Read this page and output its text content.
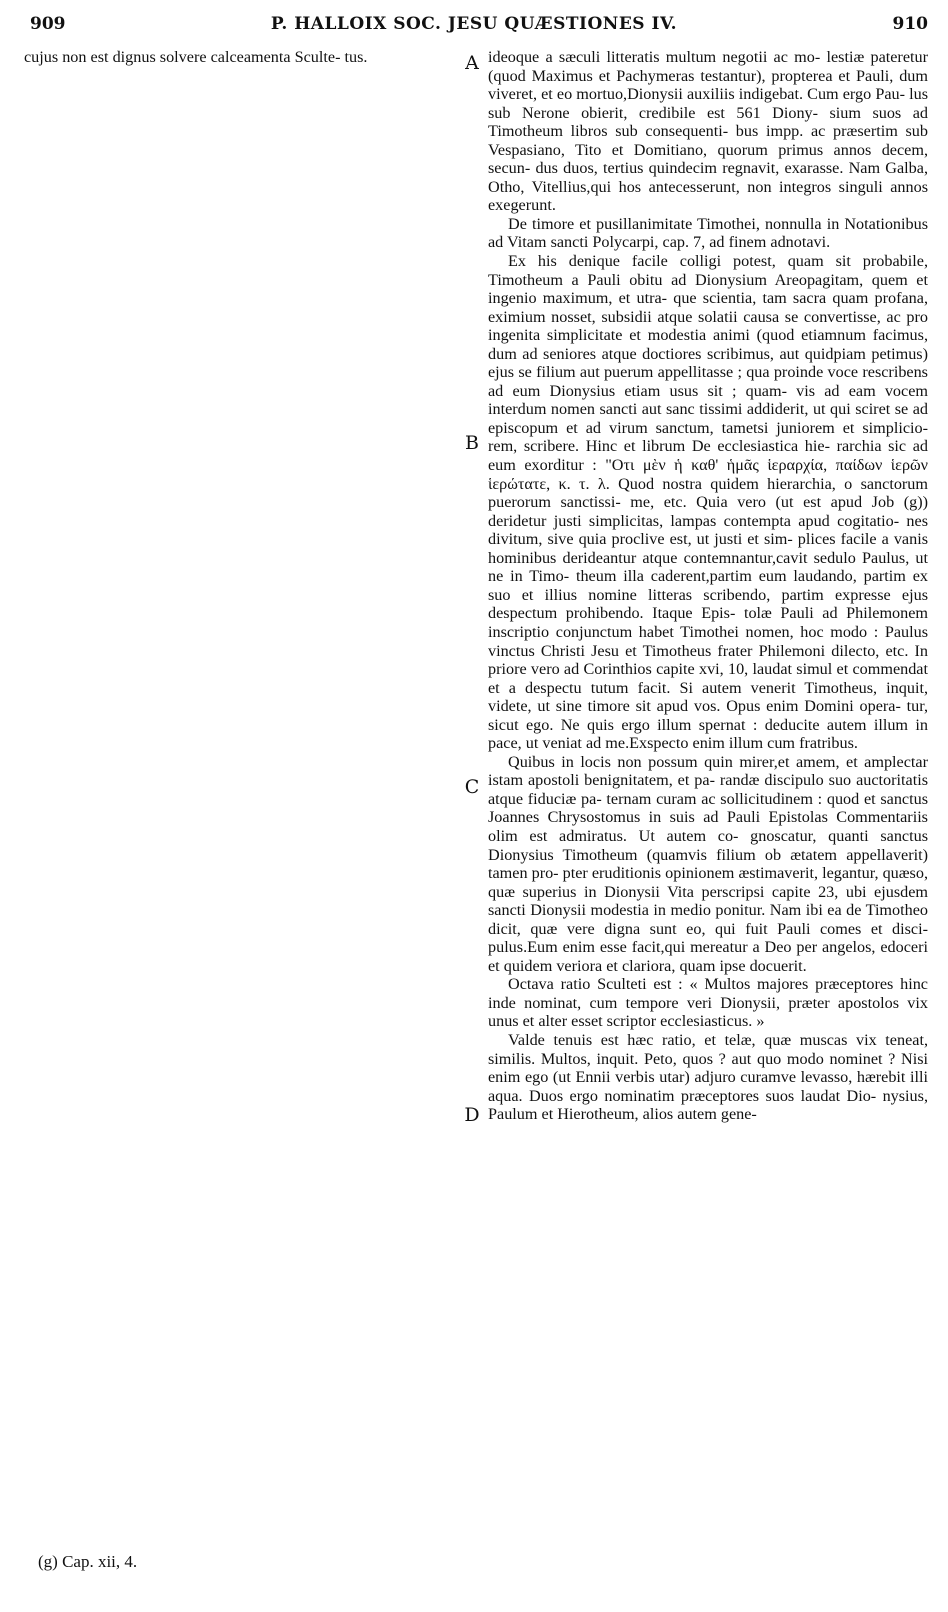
909	P. HALLOIX SOC. JESU QUÆSTIONES IV.	910

cujus non est dignus solvere calceamenta Sculte- tus.	ideoque a sæculi litteratis multum negotii ac mo- lestiæ pateretur (quod Maximus et Pachymeras testantur), propterea et Pauli, dum viveret, et eo mortuo,Dionysii auxiliis indigebat. Cum ergo Pau- lus sub Nerone obierit, credibile est 561 Diony- sium suos ad Timotheum libros sub consequenti- bus impp. ac præsertim sub Vespasiano, Tito et Domitiano, quorum primus annos decem, secun- dus duos, tertius quindecim regnavit, exarasse. Nam Galba, Otho, Vitellius,qui hos antecesserunt, non integros singuli annos exegerunt.

De timore et pusillanimitate Timothei, nonnulla in Notationibus ad Vitam sancti Polycarpi, cap. 7, ad finem adnotavi.

Ex his denique facile colligi potest, quam sit probabile, Timotheum a Pauli obitu ad Dionysium Areopagitam, quem et ingenio maximum, et utra- que scientia, tam sacra quam profana, eximium nosset, subsidii atque solatii causa se convertisse, ac pro ingenita simplicitate et modestia animi (quod etiamnum facimus, dum ad seniores atque doctiores scribimus, aut quidpiam petimus) ejus se filium aut puerum appellitasse ; qua proinde voce rescribens ad eum Dionysius etiam usus sit ; quam- vis ad eam vocem interdum nomen sancti aut sanc tissimi addiderit, ut qui sciret se ad episcopum et ad virum sanctum, tametsi juniorem et simplicio- rem, scribere. Hinc et librum De ecclesiastica hie- rarchia sic ad eum exorditur : "Οτι μὲν ἡ καθ' ἡμᾶς ἱεραρχία, παίδων ἱερῶν ἱερώτατε, κ. τ. λ. Quod nostra quidem hierarchia, o sanctorum puerorum sanctissi- me, etc. Quia vero (ut est apud Job (g)) deridetur justi simplicitas, lampas contempta apud cogitatio- nes divitum, sive quia proclive est, ut justi et sim- plices facile a vanis hominibus derideantur atque contemnantur,cavit sedulo Paulus, ut ne in Timo- theum illa caderent,partim eum laudando, partim ex suo et illius nomine litteras scribendo, partim expresse ejus despectum prohibendo. Itaque Epis- tolæ Pauli ad Philemonem inscriptio conjunctum habet Timothei nomen, hoc modo : Paulus vinctus Christi Jesu et Timotheus frater Philemoni dilecto, etc. In priore vero ad Corinthios capite xvi, 10, laudat simul et commendat et a despectu tutum facit. Si autem venerit Timotheus, inquit, videte, ut sine timore sit apud vos. Opus enim Domini opera- tur, sicut ego. Ne quis ergo illum spernat : deducite autem illum in pace, ut veniat ad me.Exspecto enim illum cum fratribus.

Quibus in locis non possum quin mirer,et amem, et amplectar istam apostoli benignitatem, et pa- randæ discipulo suo auctoritatis atque fiduciæ pa- ternam curam ac sollicitudinem : quod et sanctus Joannes Chrysostomus in suis ad Pauli Epistolas Commentariis olim est admiratus. Ut autem co- gnoscatur, quanti sanctus Dionysius Timotheum (quamvis filium ob ætatem appellaverit) tamen pro- pter eruditionis opinionem æstimaverit, legantur, quæso, quæ superius in Dionysii Vita perscripsi capite 23, ubi ejusdem sancti Dionysii modestia in medio ponitur. Nam ibi ea de Timotheo dicit, quæ vere digna sunt eo, qui fuit Pauli comes et disci- pulus.Eum enim esse facit,qui mereatur a Deo per angelos, edoceri et quidem veriora et clariora, quam ipse docuerit.

Octava ratio Sculteti est : « Multos majores præceptores hinc inde nominat, cum tempore veri Dionysii, præter apostolos vix unus et alter esset scriptor ecclesiasticus. »

Valde tenuis est hæc ratio, et telæ, quæ muscas vix teneat, similis. Multos, inquit. Peto, quos ? aut quo modo nominet ? Nisi enim ego (ut Ennii verbis utar) adjuro curamve levasso, hærebit illi aqua. Duos ergo nominatim præceptores suos laudat Dio- nysius, Paulum et Hierotheum, alios autem gene-

A
B
C
D
(g) Cap. xii, 4.
